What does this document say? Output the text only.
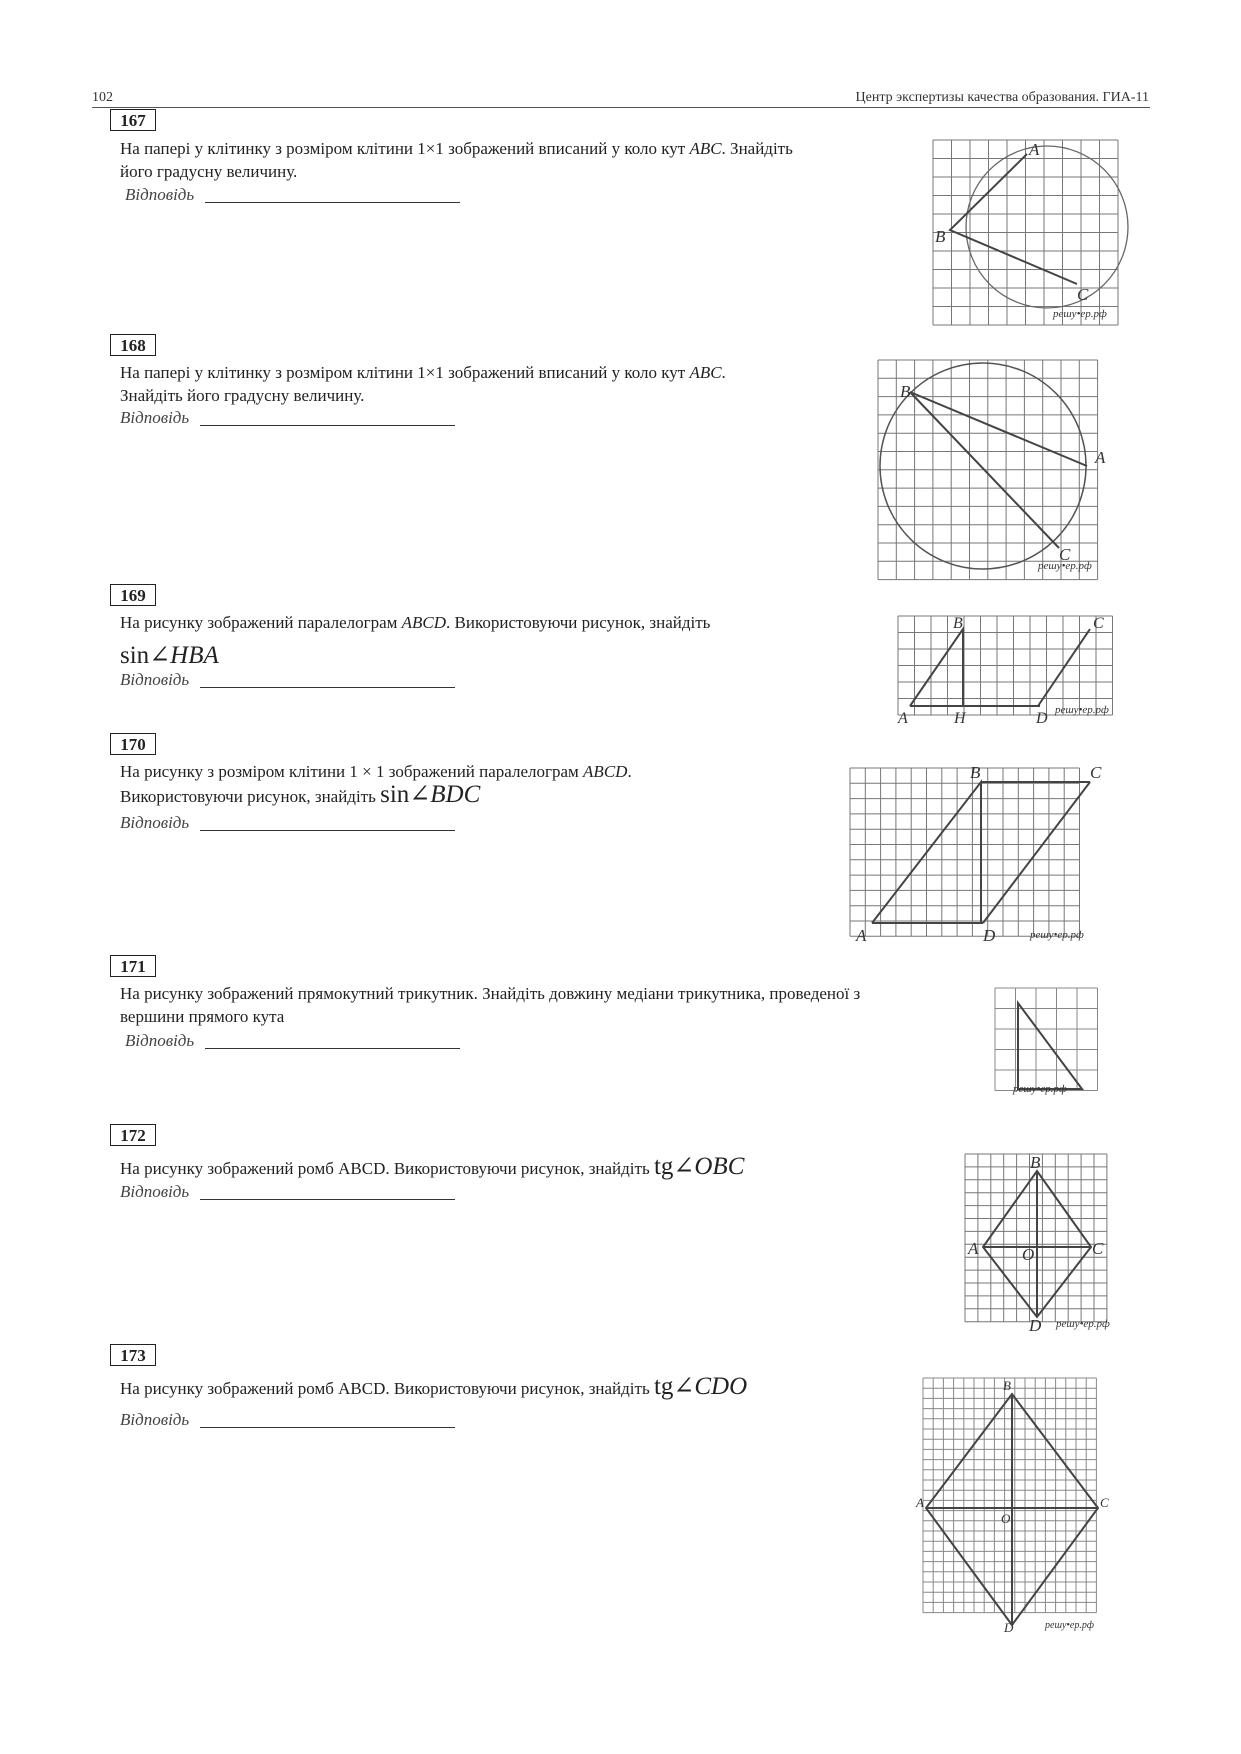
102	Центр экспертизы качества образования. ГИА-11
167
На папері у клітинку з розміром клітини 1×1 зображений вписаний у коло кут ABC. Знайдіть
його градусну величину.
Відповідь
A
B
C
решу•ер.рф
168
На папері у клітинку з розміром клітини 1×1 зображений вписаний у коло кут ABC.
Знайдіть його градусну величину.
Відповідь
B
A
C
решу•ер.рф
169
На рисунку зображений паралелограм ABCD. Використовуючи рисунок, знайдіть
sin∠HBA
Відповідь
B	C
A	H	D решу•ер.рф
170
На рисунку з розміром клітини 1 × 1 зображений паралелограм ABCD.
Використовуючи рисунок, знайдіть sin∠BDC
Відповідь
B	C
A	D	решу•ер.рф
171
На рисунку зображений прямокутний трикутник. Знайдіть довжину медіани трикутника, проведеної з
вершини прямого кута
Відповідь
решу•ер.рф
172
На рисунку зображений ромб ABCD. Використовуючи рисунок, знайдіть tg∠OBC
Відповідь
B
A	O	C
D решу•ер.рф
173
На рисунку зображений ромб ABCD. Використовуючи рисунок, знайдіть tg∠CDO
Відповідь
B
A
O
C
D	решу•ер.рф
